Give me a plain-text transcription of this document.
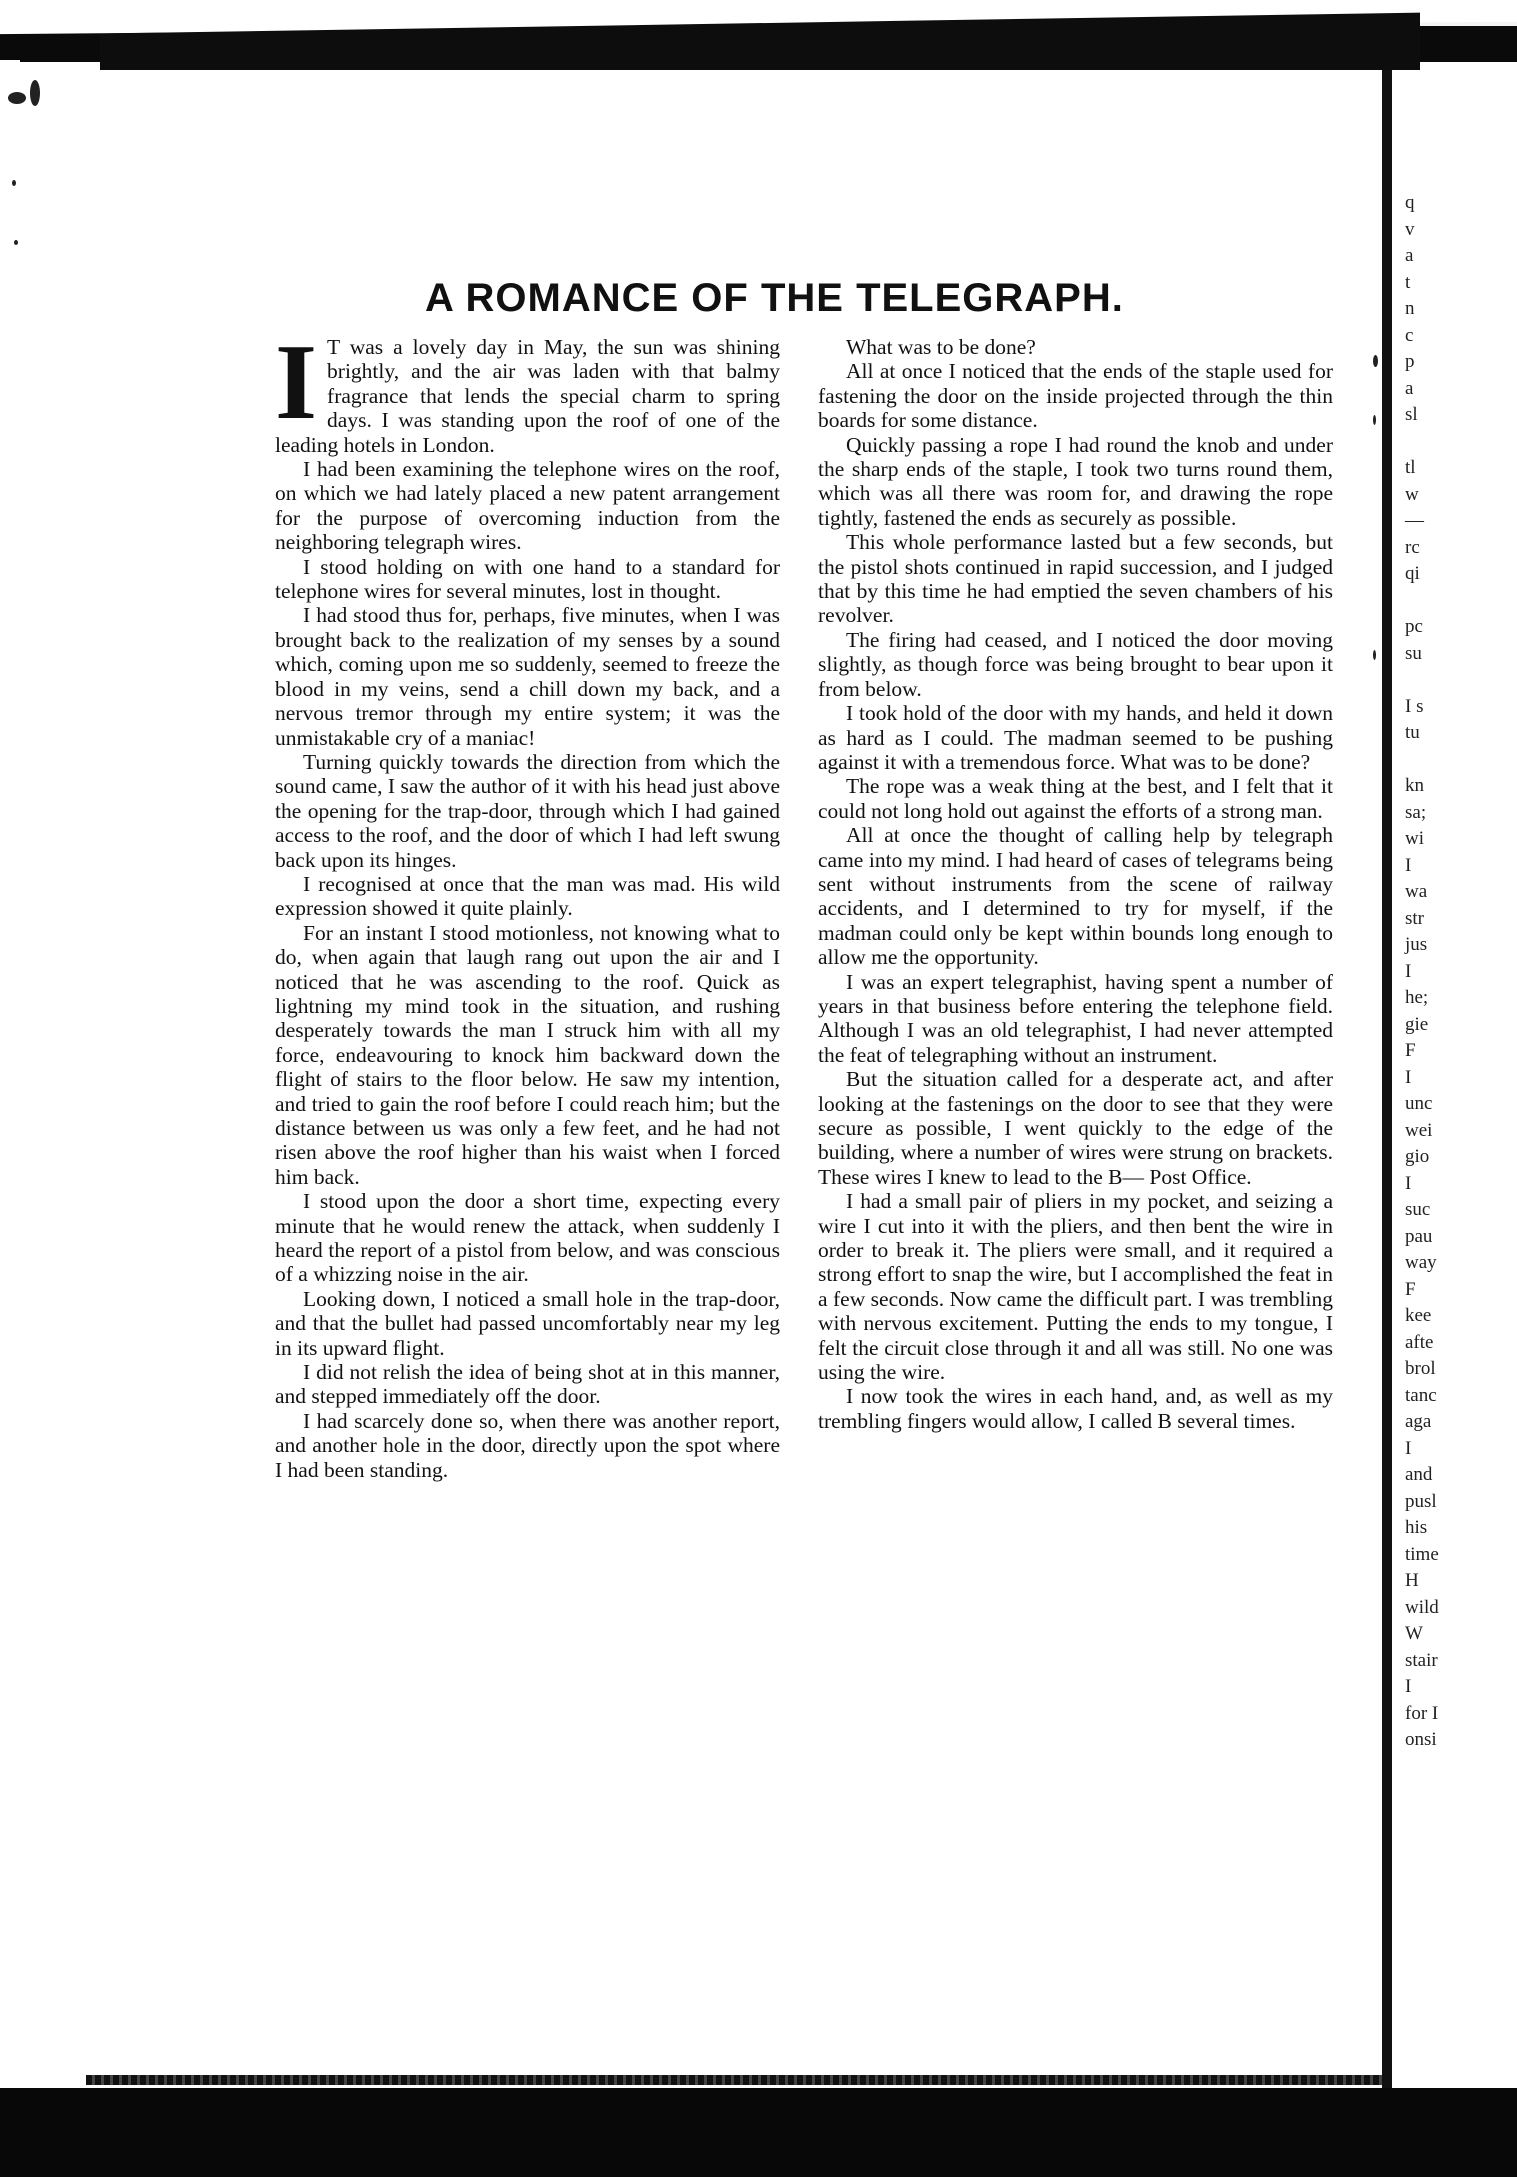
q
v
a
t
n
c
p
a
sl
tl
w
—
rc
qi
pc
su
I s
tu
kn
sa;
wi
I
wa
str
jus
I
he;
gie
F
I
unc
wei
gio
I
suc
pau
way
F
kee
afte
brol
tanc
aga
I
and
pusl
his
time
H
wild
W
stair
I
for I
onsi
A ROMANCE OF THE TELEGRAPH.

I T was a lovely day in May, the sun was shining brightly, and the air was laden with that balmy fragrance that lends the special charm to spring days. I was standing upon the roof of one of the leading hotels in London.

I had been examining the telephone wires on the roof, on which we had lately placed a new patent arrangement for the purpose of overcoming induction from the neighboring telegraph wires.

I stood holding on with one hand to a standard for telephone wires for several minutes, lost in thought.

I had stood thus for, perhaps, five minutes, when I was brought back to the realization of my senses by a sound which, coming upon me so suddenly, seemed to freeze the blood in my veins, send a chill down my back, and a nervous tremor through my entire system; it was the unmistakable cry of a maniac!

Turning quickly towards the direction from which the sound came, I saw the author of it with his head just above the opening for the trap-door, through which I had gained access to the roof, and the door of which I had left swung back upon its hinges.

I recognised at once that the man was mad. His wild expression showed it quite plainly.

For an instant I stood motionless, not knowing what to do, when again that laugh rang out upon the air and I noticed that he was ascending to the roof. Quick as lightning my mind took in the situation, and rushing desperately towards the man I struck him with all my force, endeavouring to knock him backward down the flight of stairs to the floor below. He saw my intention, and tried to gain the roof before I could reach him; but the distance between us was only a few feet, and he had not risen above the roof higher than his waist when I forced him back.

I stood upon the door a short time, expecting every minute that he would renew the attack, when suddenly I heard the report of a pistol from below, and was conscious of a whizzing noise in the air.

Looking down, I noticed a small hole in the trap-door, and that the bullet had passed uncomfortably near my leg in its upward flight.

I did not relish the idea of being shot at in this manner, and stepped immediately off the door.

I had scarcely done so, when there was another report, and another hole in the door, directly upon the spot where I had been standing.

What was to be done?

All at once I noticed that the ends of the staple used for fastening the door on the inside projected through the thin boards for some distance.

Quickly passing a rope I had round the knob and under the sharp ends of the staple, I took two turns round them, which was all there was room for, and drawing the rope tightly, fastened the ends as securely as possible.

This whole performance lasted but a few seconds, but the pistol shots continued in rapid succession, and I judged that by this time he had emptied the seven chambers of his revolver.

The firing had ceased, and I noticed the door moving slightly, as though force was being brought to bear upon it from below.

I took hold of the door with my hands, and held it down as hard as I could. The madman seemed to be pushing against it with a tremendous force. What was to be done?

The rope was a weak thing at the best, and I felt that it could not long hold out against the efforts of a strong man.

All at once the thought of calling help by telegraph came into my mind. I had heard of cases of telegrams being sent without instruments from the scene of railway accidents, and I determined to try for myself, if the madman could only be kept within bounds long enough to allow me the opportunity.

I was an expert telegraphist, having spent a number of years in that business before entering the telephone field. Although I was an old telegraphist, I had never attempted the feat of telegraphing without an instrument.

But the situation called for a desperate act, and after looking at the fastenings on the door to see that they were secure as possible, I went quickly to the edge of the building, where a number of wires were strung on brackets. These wires I knew to lead to the B— Post Office.

I had a small pair of pliers in my pocket, and seizing a wire I cut into it with the pliers, and then bent the wire in order to break it. The pliers were small, and it required a strong effort to snap the wire, but I accomplished the feat in a few seconds. Now came the difficult part. I was trembling with nervous excitement. Putting the ends to my tongue, I felt the circuit close through it and all was still. No one was using the wire.

I now took the wires in each hand, and, as well as my trembling fingers would allow, I called B several times.
